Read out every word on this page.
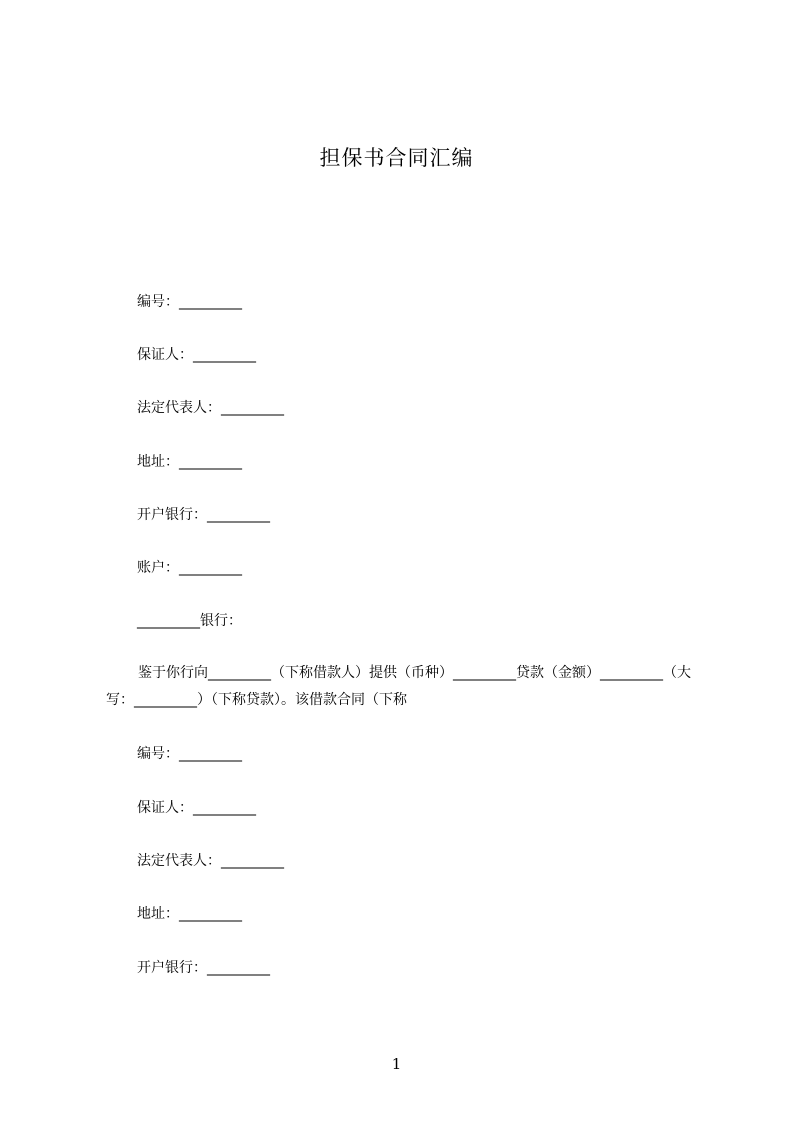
担保书合同汇编
编号：_________
保证人：_________
法定代表人：_________
地址：_________
开户银行：_________
账户：_________
_________银行：
鉴于你行向_________（下称借款人）提供（币种）_________贷款（金额）_________（大写：_________）（下称贷款）。该借款合同（下称
编号：_________
保证人：_________
法定代表人：_________
地址：_________
开户银行：_________
1
